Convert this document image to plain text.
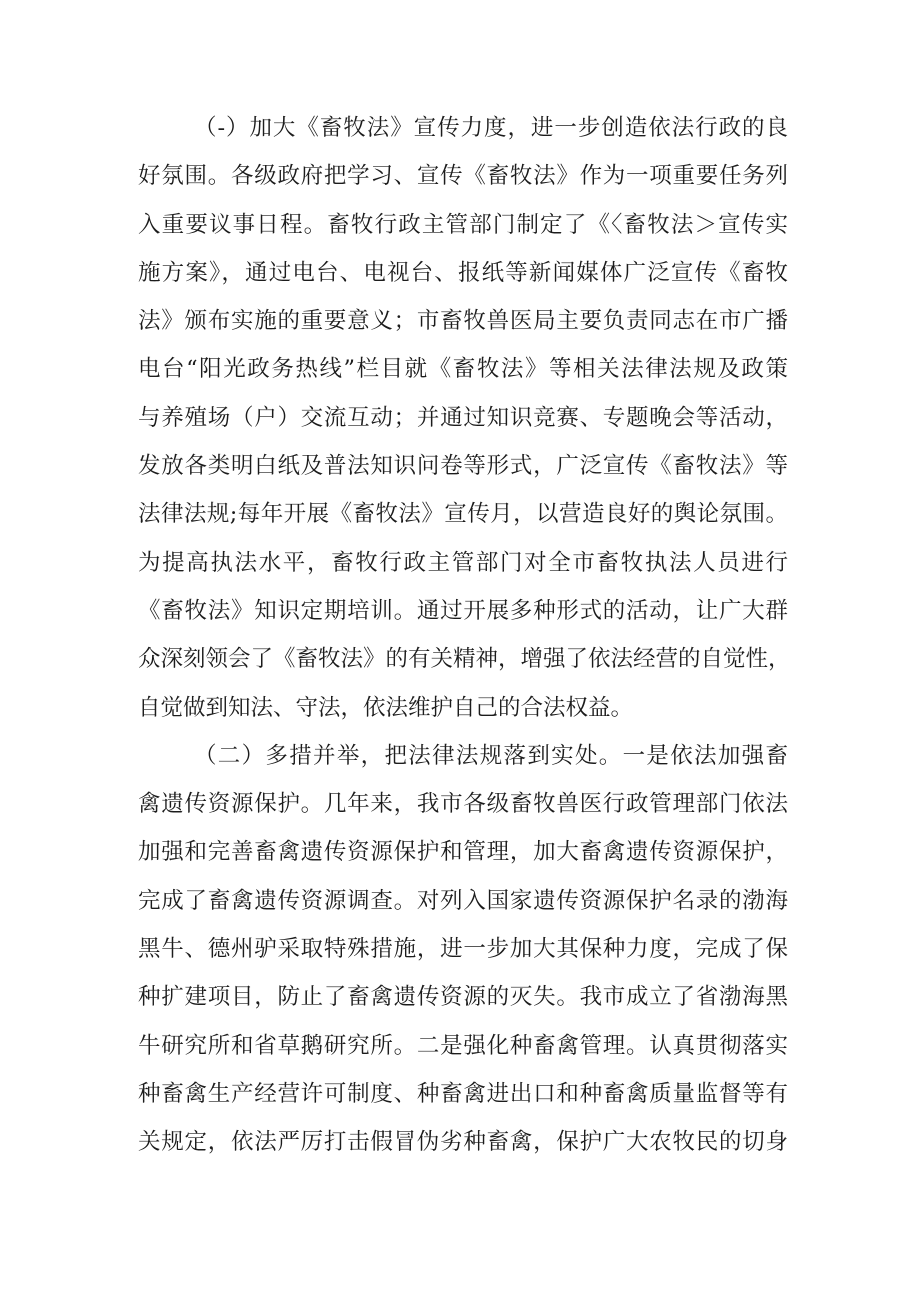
（-）加大《畜牧法》宣传力度，进一步创造依法行政的良
好氛围。各级政府把学习、宣传《畜牧法》作为一项重要任务列
入重要议事日程。畜牧行政主管部门制定了《〈畜牧法＞宣传实
施方案》，通过电台、电视台、报纸等新闻媒体广泛宣传《畜牧
法》颁布实施的重要意义；市畜牧兽医局主要负责同志在市广播
电台“阳光政务热线”栏目就《畜牧法》等相关法律法规及政策
与养殖场（户）交流互动；并通过知识竞赛、专题晚会等活动，
发放各类明白纸及普法知识问卷等形式，广泛宣传《畜牧法》等
法律法规;每年开展《畜牧法》宣传月，以营造良好的舆论氛围。
为提高执法水平，畜牧行政主管部门对全市畜牧执法人员进行
《畜牧法》知识定期培训。通过开展多种形式的活动，让广大群
众深刻领会了《畜牧法》的有关精神，增强了依法经营的自觉性，
自觉做到知法、守法，依法维护自己的合法权益。
（二）多措并举，把法律法规落到实处。一是依法加强畜
禽遗传资源保护。几年来，我市各级畜牧兽医行政管理部门依法
加强和完善畜禽遗传资源保护和管理，加大畜禽遗传资源保护，
完成了畜禽遗传资源调查。对列入国家遗传资源保护名录的渤海
黑牛、德州驴采取特殊措施，进一步加大其保种力度，完成了保
种扩建项目，防止了畜禽遗传资源的灭失。我市成立了省渤海黑
牛研究所和省草鹅研究所。二是强化种畜禽管理。认真贯彻落实
种畜禽生产经营许可制度、种畜禽进出口和种畜禽质量监督等有
关规定，依法严厉打击假冒伪劣种畜禽，保护广大农牧民的切身
